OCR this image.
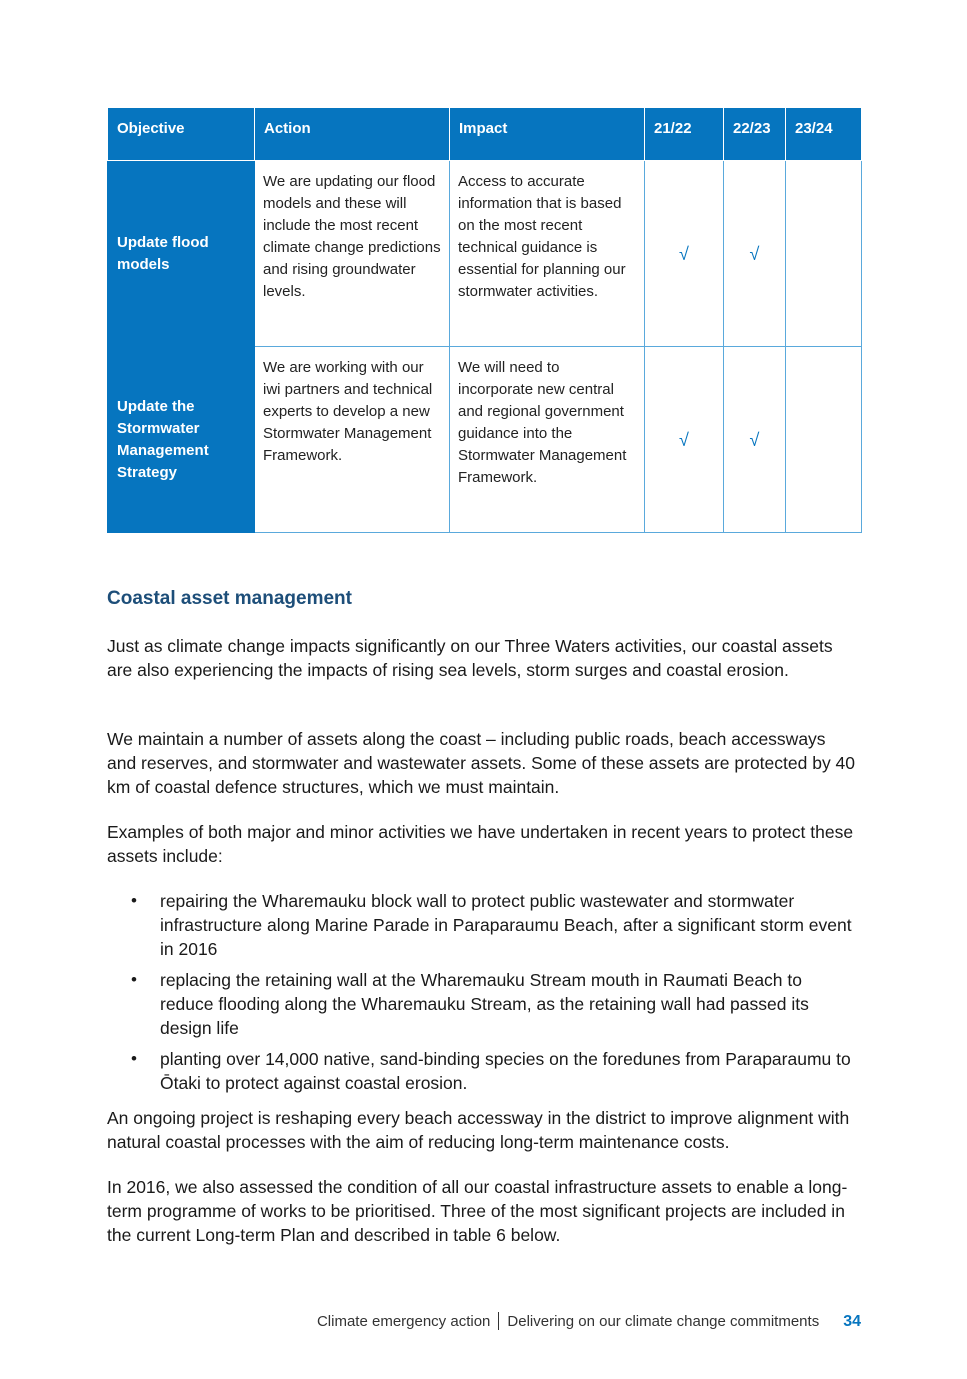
Objective	Action	Impact	21/22	22/23	23/24
Update flood models	We are updating our flood models and these will include the most recent climate change predictions and rising groundwater levels.	Access to accurate information that is based on the most recent technical guidance is essential for planning our stormwater activities.	√	√	
Update the Stormwater Management Strategy	We are working with our iwi partners and technical experts to develop a new Stormwater Management Framework.	We will need to incorporate new central and regional government guidance into the Stormwater Management Framework.	√	√	
Coastal asset management

Just as climate change impacts significantly on our Three Waters activities, our coastal assets are also experiencing the impacts of rising sea levels, storm surges and coastal erosion.

We maintain a number of assets along the coast – including public roads, beach accessways and reserves, and stormwater and wastewater assets. Some of these assets are protected by 40 km of coastal defence structures, which we must maintain.

Examples of both major and minor activities we have undertaken in recent years to protect these assets include:

• repairing the Wharemauku block wall to protect public wastewater and stormwater infrastructure along Marine Parade in Paraparaumu Beach, after a significant storm event in 2016
• replacing the retaining wall at the Wharemauku Stream mouth in Raumati Beach to reduce flooding along the Wharemauku Stream, as the retaining wall had passed its design life
• planting over 14,000 native, sand-binding species on the foredunes from Paraparaumu to Ōtaki to protect against coastal erosion.

An ongoing project is reshaping every beach accessway in the district to improve alignment with natural coastal processes with the aim of reducing long-term maintenance costs.

In 2016, we also assessed the condition of all our coastal infrastructure assets to enable a long-term programme of works to be prioritised. Three of the most significant projects are included in the current Long-term Plan and described in table 6 below.

Climate emergency action Delivering on our climate change commitments 34
